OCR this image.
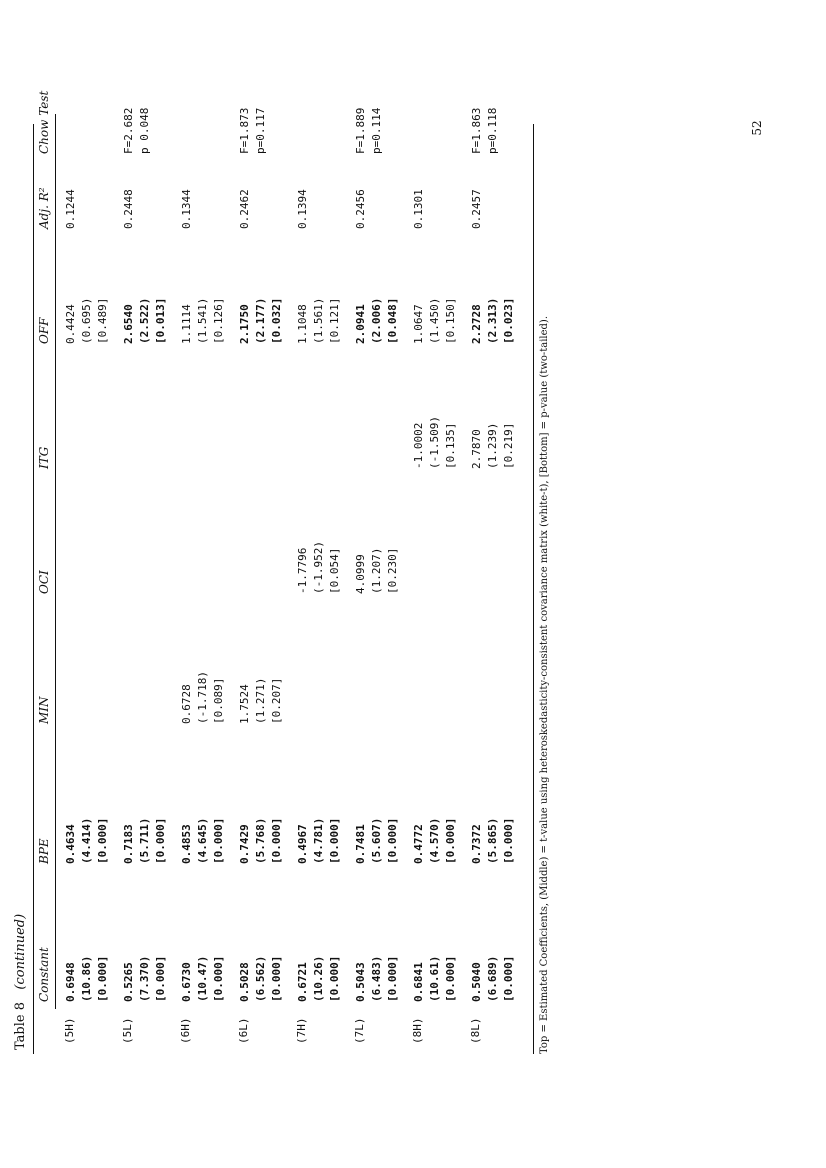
52
Table 8   (continued) Constant
BPE
MIN
OCI
ITG
OFF
Adj. R²
Chow Test
(5H)
0.6948 (10.86) [0.000]
0.4634 (4.414) [0.000]
0.4424 (0.695) [0.489]
0.1244
(5L)
0.5265 (7.370) [0.000]
0.7183 (5.711) [0.000]
2.6540 (2.522) [0.013]
0.2448
F=2.682 p 0.048
(6H)
0.6730 (10.47) [0.000]
0.4853 (4.645) [0.000]
0.6728 (-1.718) [0.089]
1.1114 (1.541) [0.126]
0.1344
(6L)
0.5028 (6.562) [0.000]
0.7429 (5.768) [0.000]
1.7524 (1.271) [0.207]
2.1750 (2.177) [0.032]
0.2462
F=1.873 p=0.117
(7H)
0.6721 (10.26) [0.000]
0.4967 (4.781) [0.000]
-1.7796 (-1.952) [0.054]
1.1048 (1.561) [0.121]
0.1394
(7L)
0.5043 (6.483) [0.000]
0.7481 (5.607) [0.000]
4.0999 (1.207) [0.230]
2.0941 (2.006) [0.048]
0.2456
F=1.889 p=0.114
(8H)
0.6841 (10.61) [0.000]
0.4772 (4.570) [0.000]
-1.0002 (-1.509) [0.135]
1.0647 (1.450) [0.150]
0.1301
(8L)
0.5040 (6.689) [0.000]
0.7372 (5.865) [0.000]
2.7870 (1.239) [0.219]
2.2728 (2.313) [0.023]
0.2457
F=1.863 p=0.118
Top = Estimated Coefficients, (Middle) = t-value using heteroskedasticity-consistent covariance matrix (white-t), [Bottom] = p-value (two-tailed).
